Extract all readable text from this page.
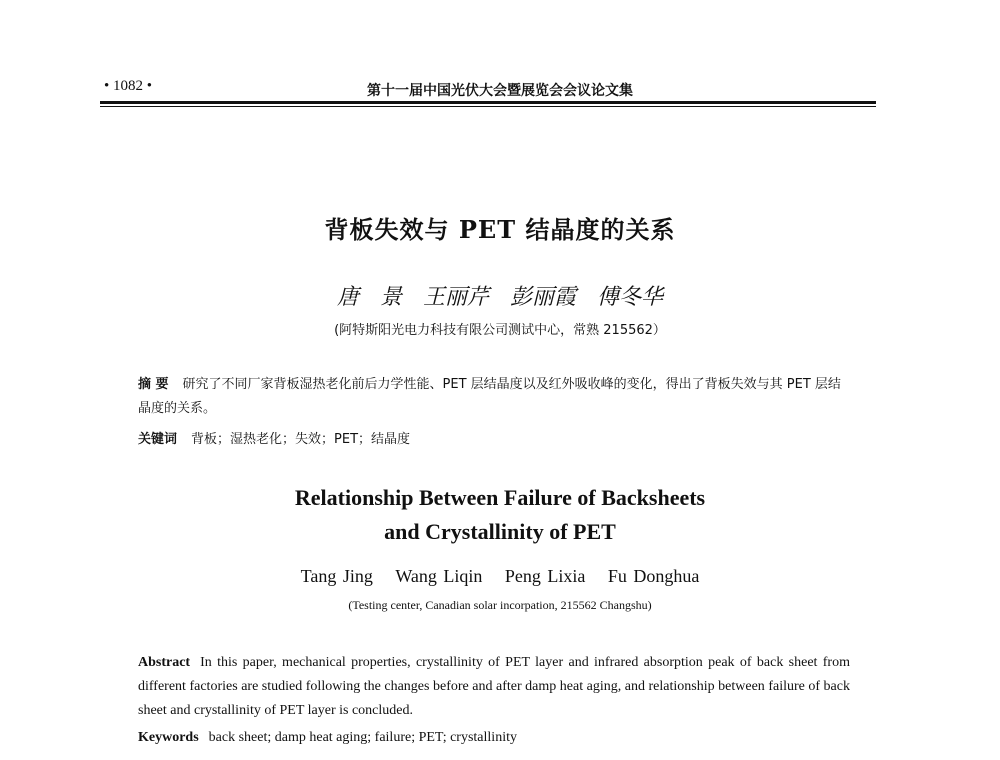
• 1082 •	第十一届中国光伏大会暨展览会会议论文集
背板失效与 PET 结晶度的关系
唐 景 王丽芹 彭丽霞 傅冬华
(阿特斯阳光电力科技有限公司测试中心，常熟 215562）
摘 要 研究了不同厂家背板湿热老化前后力学性能、PET 层结晶度以及红外吸收峰的变化，得出了背板失效与其 PET 层结晶度的关系。
关键词 背板；湿热老化；失效；PET；结晶度
Relationship Between Failure of Backsheets
and Crystallinity of PET
Tang Jing Wang Liqin Peng Lixia Fu Donghua
(Testing center, Canadian solar incorpation, 215562 Changshu)
Abstract In this paper, mechanical properties, crystallinity of PET layer and infrared absorption peak of back sheet from different factories are studied following the changes before and after damp heat aging, and relationship between failure of back sheet and crystallinity of PET layer is concluded.
Keywords back sheet; damp heat aging; failure; PET; crystallinity
